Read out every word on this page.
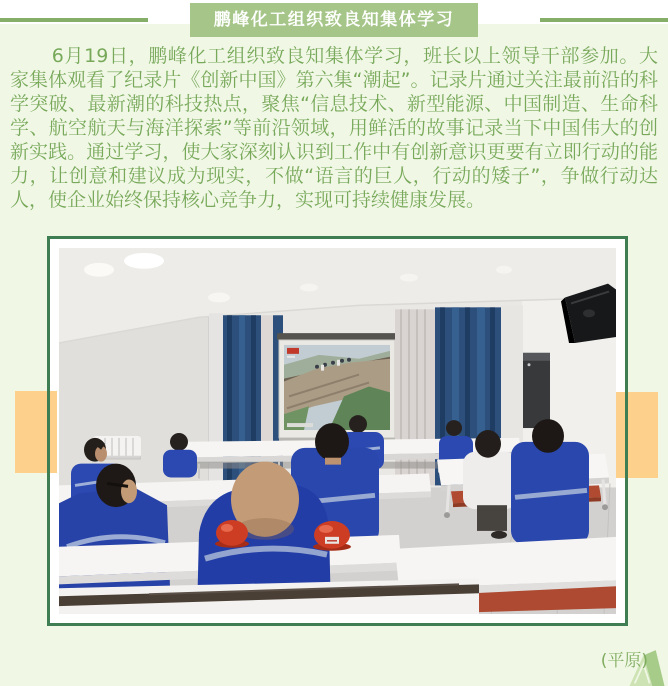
鹏峰化工组织致良知集体学习
6月19日，鹏峰化工组织致良知集体学习，班长以上领导干部参加。大家集体观看了纪录片《创新中国》第六集“潮起”。记录片通过关注最前沿的科学突破、最新潮的科技热点，聚焦“信息技术、新型能源、中国制造、生命科学、航空航天与海洋探索”等前沿领域，用鲜活的故事记录当下中国伟大的创新实践。通过学习，使大家深刻认识到工作中有创新意识更要有立即行动的能力，让创意和建议成为现实，不做“语言的巨人，行动的矮子”，争做行动达人，使企业始终保持核心竞争力，实现可持续健康发展。
(平原)
